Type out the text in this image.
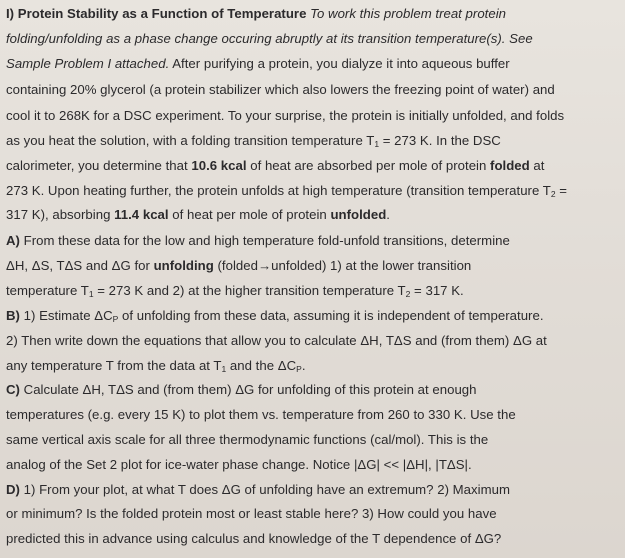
I) Protein Stability as a Function of Temperature To work this problem treat protein
folding/unfolding as a phase change occuring abruptly at its transition temperature(s). See
Sample Problem I attached. After purifying a protein, you dialyze it into aqueous buffer
containing 20% glycerol (a protein stabilizer which also lowers the freezing point of water) and
cool it to 268K for a DSC experiment. To your surprise, the protein is initially unfolded, and folds
as you heat the solution, with a folding transition temperature $T_1 = 273$ K. In the DSC
calorimeter, you determine that 10.6 kcal of heat are absorbed per mole of protein folded at
273 K. Upon heating further, the protein unfolds at high temperature (transition temperature $T_2$ =
317 K), absorbing 11.4 kcal of heat per mole of protein unfolded.
A) From these data for the low and high temperature fold-unfold transitions, determine
ΔH, ΔS, TΔS and ΔG for unfolding (folded→unfolded) 1) at the lower transition
temperature $T_1 = 273$ K and 2) at the higher transition temperature $T_2 = 317$ K.
B) 1) Estimate $\Delta C_P$ of unfolding from these data, assuming it is independent of temperature.
2) Then write down the equations that allow you to calculate ΔH, TΔS and (from them) ΔG at
any temperature T from the data at $T_1$ and the $\Delta C_P$.
C) Calculate ΔH, TΔS and (from them) ΔG for unfolding of this protein at enough
temperatures (e.g. every 15 K) to plot them vs. temperature from 260 to 330 K. Use the
same vertical axis scale for all three thermodynamic functions (cal/mol). This is the
analog of the Set 2 plot for ice-water phase change. Notice |ΔG| << |ΔH|, |TΔS|.
D) 1) From your plot, at what T does ΔG of unfolding have an extremum? 2) Maximum
or minimum? Is the folded protein most or least stable here? 3) How could you have
predicted this in advance using calculus and knowledge of the T dependence of ΔG?
